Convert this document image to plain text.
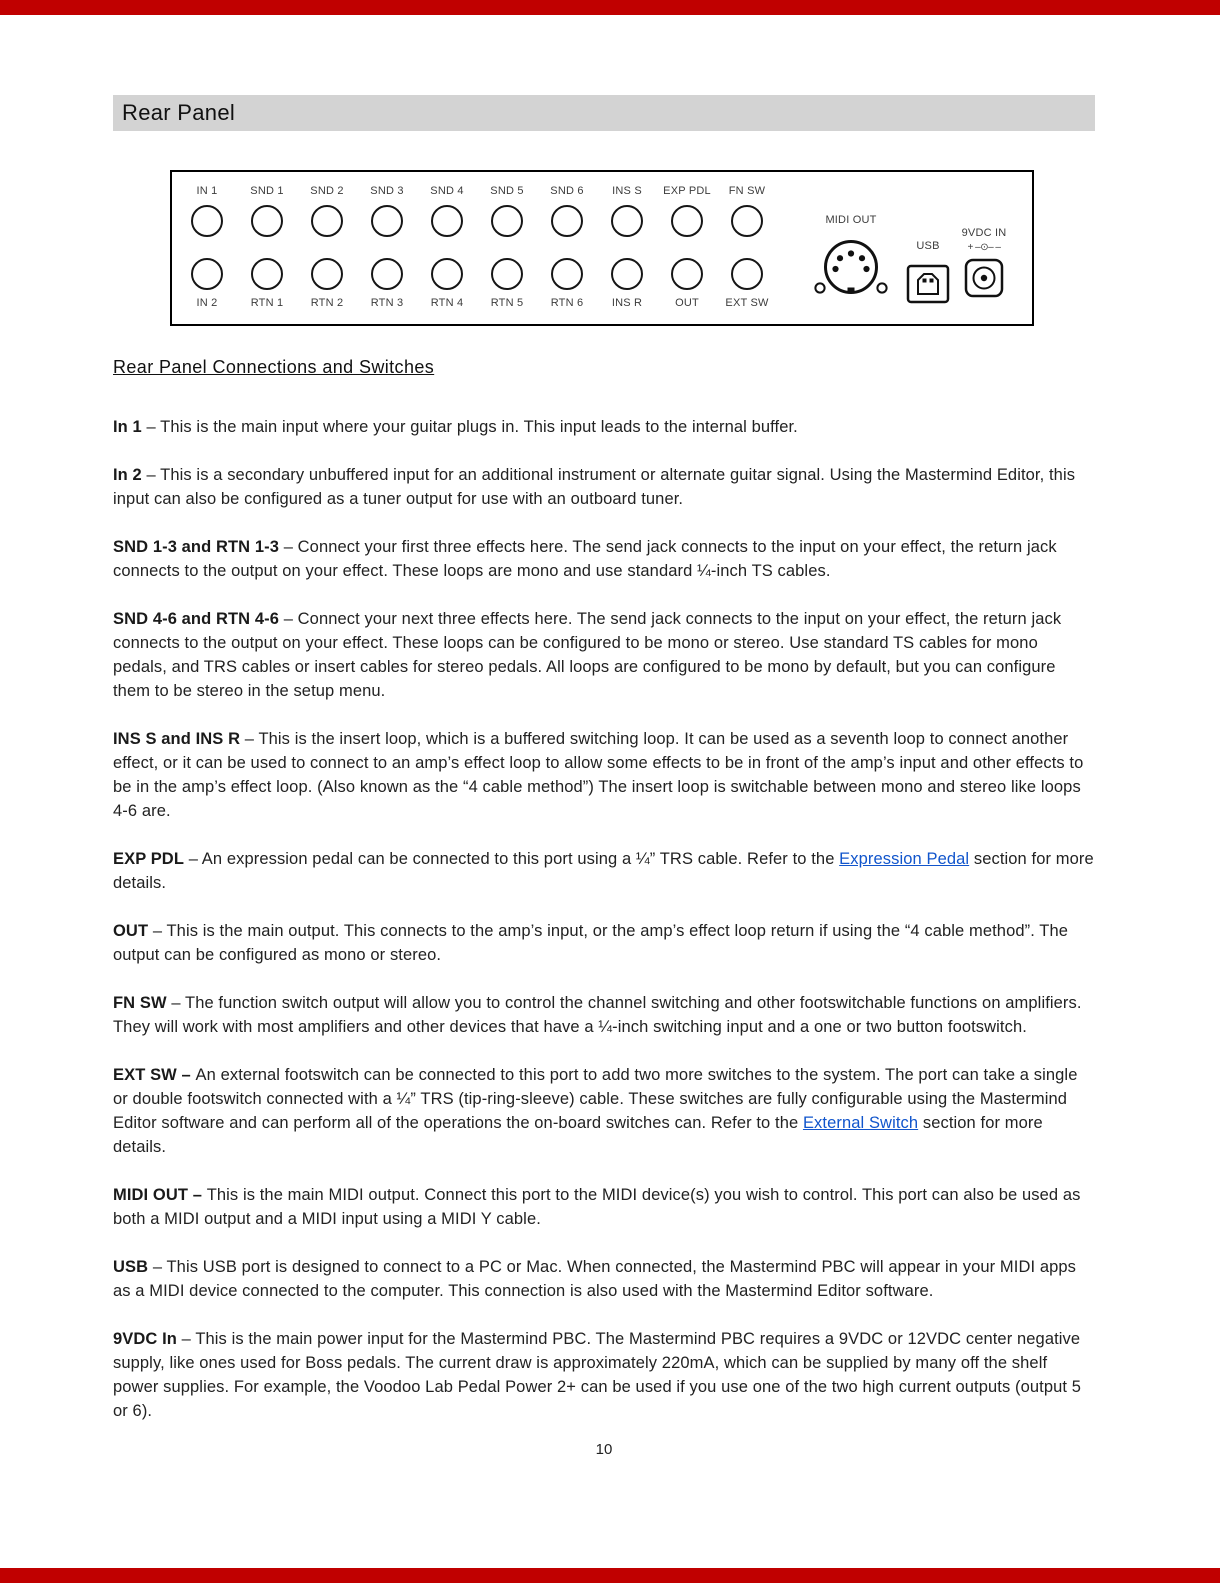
Rear Panel
IN 1
IN 2
SND 1
RTN 1
SND 2
RTN 2
SND 3
RTN 3
SND 4
RTN 4
SND 5
RTN 5
SND 6
RTN 6
INS S
INS R
EXP PDL
OUT
FN SW
EXT SW
MIDI OUT
USB
9VDC IN
+ –⊙– –
Rear Panel Connections and Switches

In 1 – This is the main input where your guitar plugs in. This input leads to the internal buffer.

In 2 – This is a secondary unbuffered input for an additional instrument or alternate guitar signal. Using the Mastermind Editor, this input can also be configured as a tuner output for use with an outboard tuner.

SND 1-3 and RTN 1-3 – Connect your first three effects here. The send jack connects to the input on your effect, the return jack connects to the output on your effect. These loops are mono and use standard ¼-inch TS cables.

SND 4-6 and RTN 4-6 – Connect your next three effects here. The send jack connects to the input on your effect, the return jack connects to the output on your effect. These loops can be configured to be mono or stereo. Use standard TS cables for mono pedals, and TRS cables or insert cables for stereo pedals. All loops are configured to be mono by default, but you can configure them to be stereo in the setup menu.

INS S and INS R – This is the insert loop, which is a buffered switching loop. It can be used as a seventh loop to connect another effect, or it can be used to connect to an amp’s effect loop to allow some effects to be in front of the amp’s input and other effects to be in the amp’s effect loop. (Also known as the “4 cable method”) The insert loop is switchable between mono and stereo like loops 4-6 are.

EXP PDL – An expression pedal can be connected to this port using a ¼” TRS cable. Refer to the Expression Pedal section for more details.

OUT – This is the main output. This connects to the amp’s input, or the amp’s effect loop return if using the “4 cable method”. The output can be configured as mono or stereo.

FN SW – The function switch output will allow you to control the channel switching and other footswitchable functions on amplifiers. They will work with most amplifiers and other devices that have a ¼-inch switching input and a one or two button footswitch.

EXT SW – An external footswitch can be connected to this port to add two more switches to the system. The port can take a single or double footswitch connected with a ¼” TRS (tip-ring-sleeve) cable. These switches are fully configurable using the Mastermind Editor software and can perform all of the operations the on-board switches can. Refer to the External Switch section for more details.

MIDI OUT – This is the main MIDI output. Connect this port to the MIDI device(s) you wish to control. This port can also be used as both a MIDI output and a MIDI input using a MIDI Y cable.

USB – This USB port is designed to connect to a PC or Mac. When connected, the Mastermind PBC will appear in your MIDI apps as a MIDI device connected to the computer. This connection is also used with the Mastermind Editor software.

9VDC In – This is the main power input for the Mastermind PBC. The Mastermind PBC requires a 9VDC or 12VDC center negative supply, like ones used for Boss pedals. The current draw is approximately 220mA, which can be supplied by many off the shelf power supplies. For example, the Voodoo Lab Pedal Power 2+ can be used if you use one of the two high current outputs (output 5 or 6).

10
